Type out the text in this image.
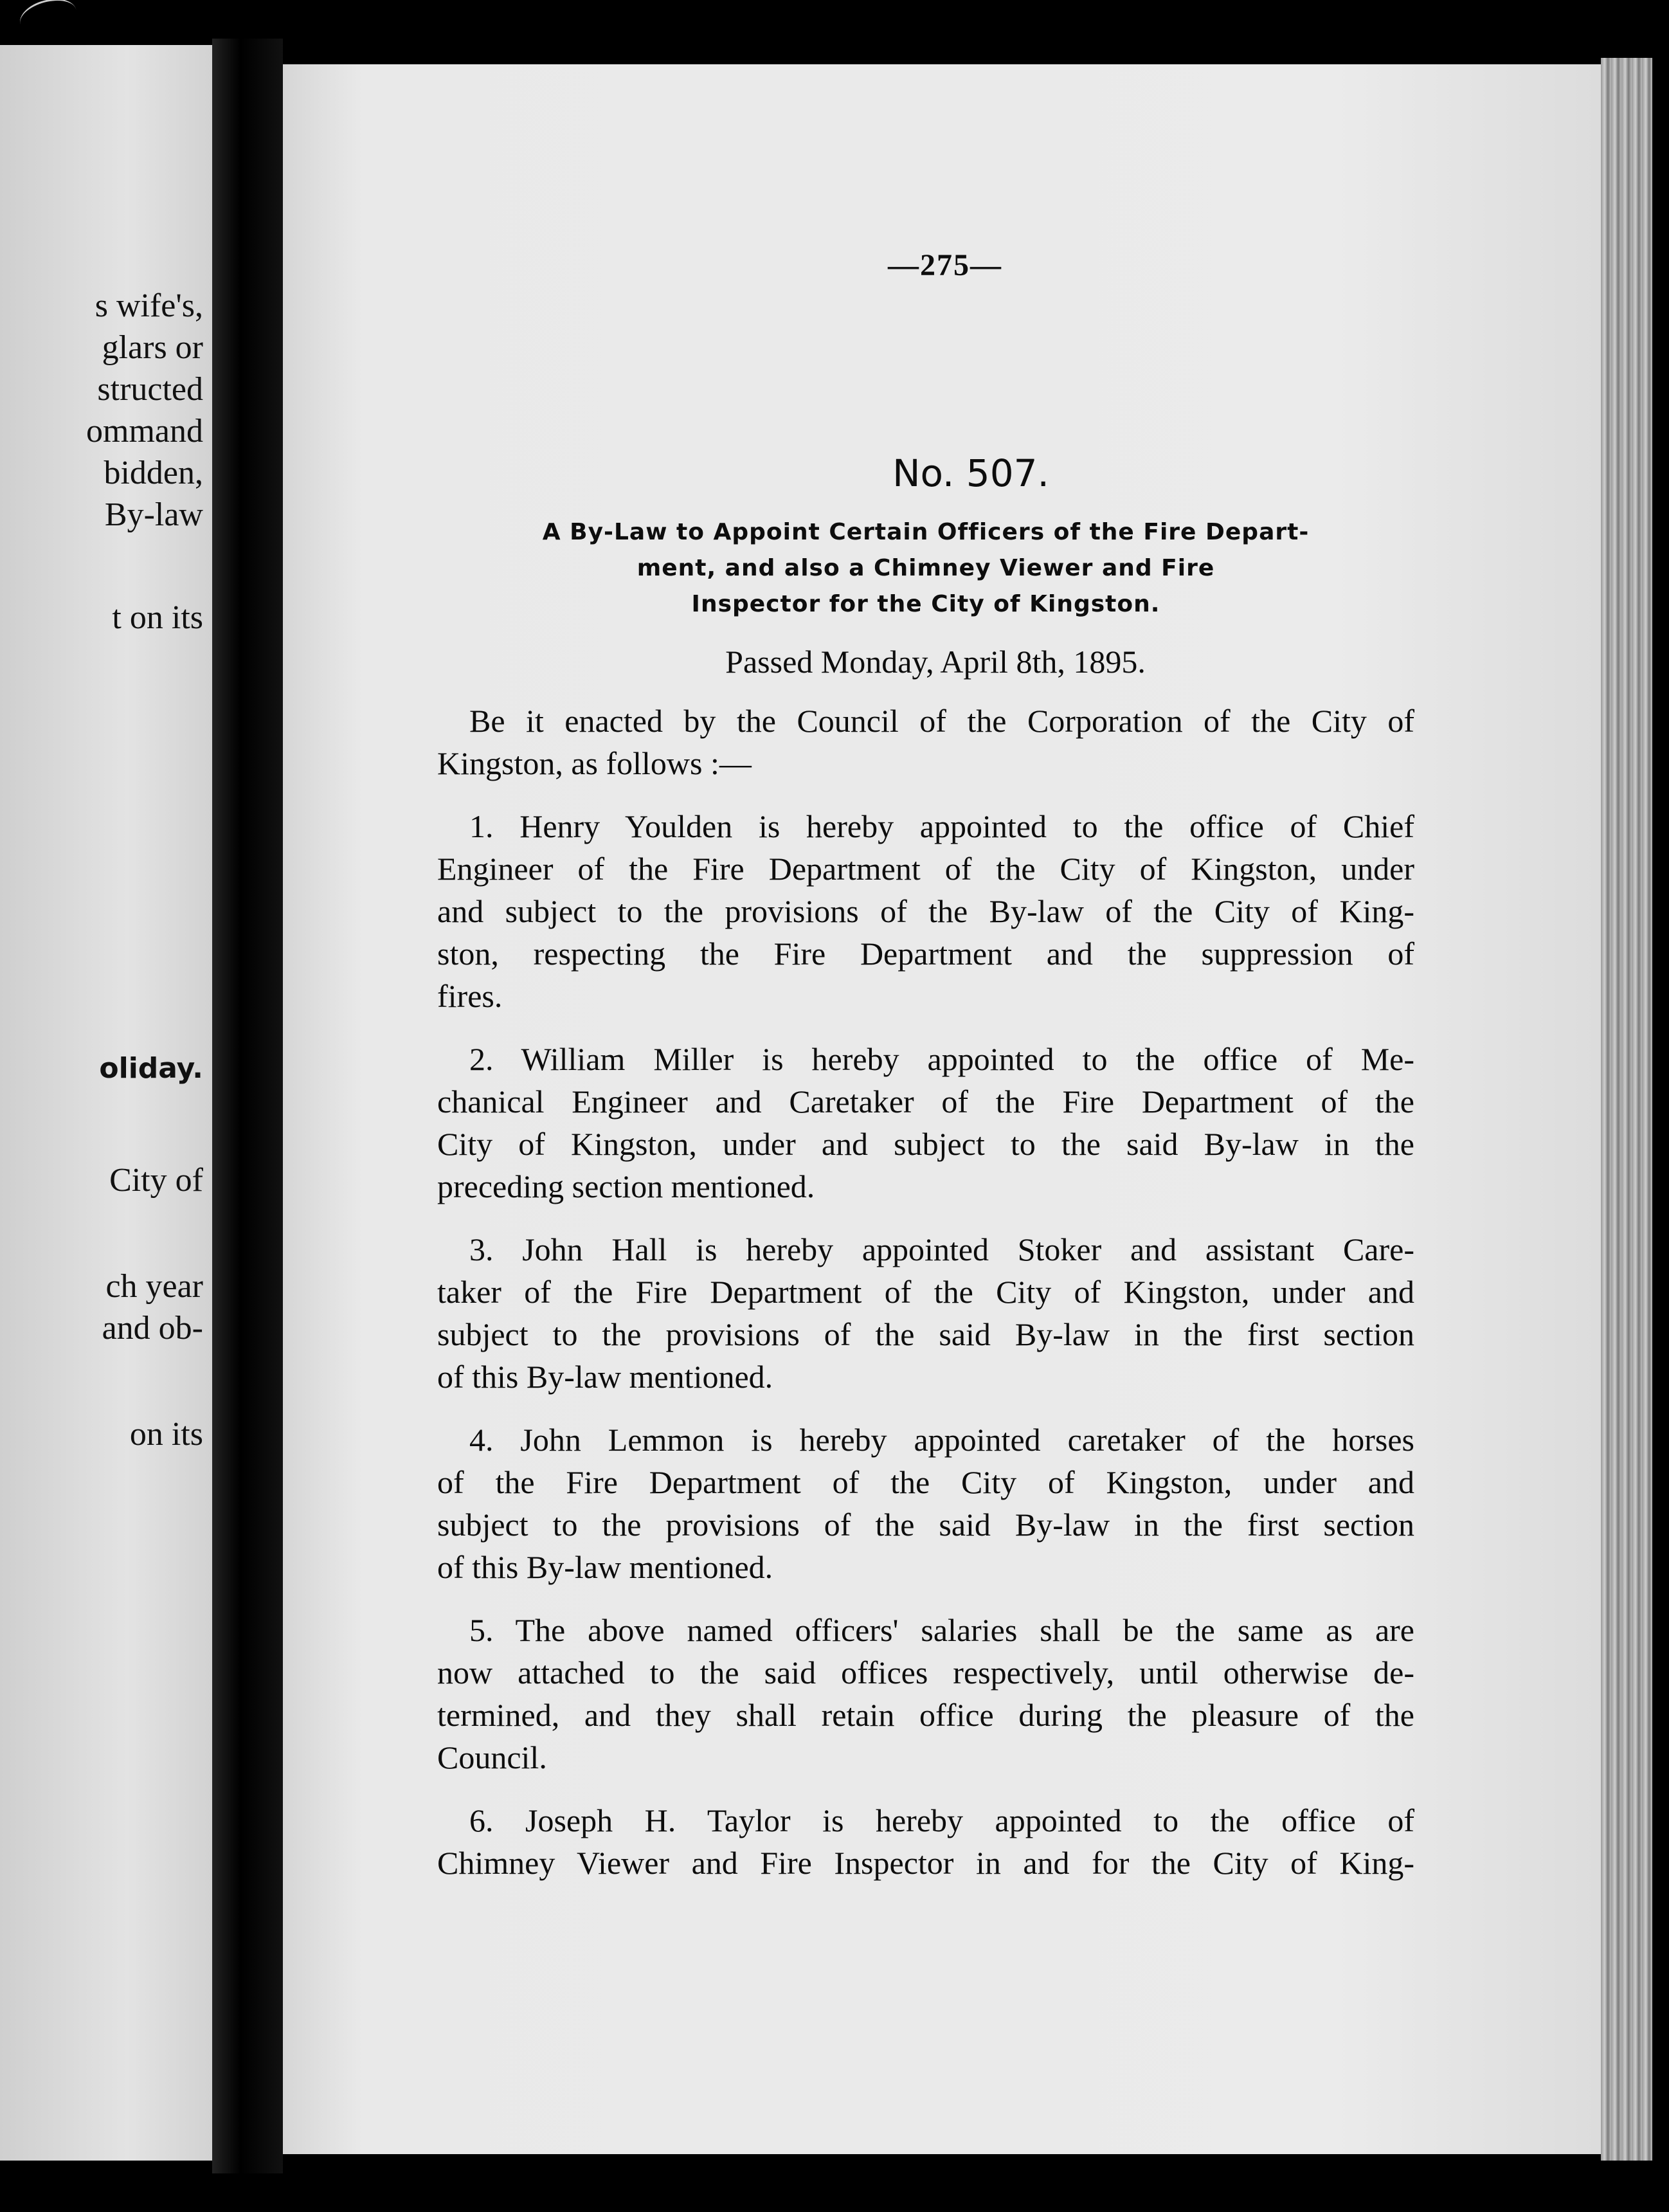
s wife's,
glars or
structed
ommand
bidden,
By-law
t on its
oliday.
City of
ch year
and ob-
on its
—275—
No. 507.
A By-Law to Appoint Certain Officers of the Fire Depart-
ment, and also a Chimney Viewer and Fire
Inspector for the City of Kingston.
Passed Monday, April 8th, 1895.
Be it enacted by the Council of the Corporation of the City of
Kingston, as follows :—
1. Henry Youlden is hereby appointed to the office of Chief
Engineer of the Fire Department of the City of Kingston, under
and subject to the provisions of the By-law of the City of King-
ston, respecting the Fire Department and the suppression of
fires.
2. William Miller is hereby appointed to the office of Me-
chanical Engineer and Caretaker of the Fire Department of the
City of Kingston, under and subject to the said By-law in the
preceding section mentioned.
3. John Hall is hereby appointed Stoker and assistant Care-
taker of the Fire Department of the City of Kingston, under and
subject to the provisions of the said By-law in the first section
of this By-law mentioned.
4. John Lemmon is hereby appointed caretaker of the horses
of the Fire Department of the City of Kingston, under and
subject to the provisions of the said By-law in the first section
of this By-law mentioned.
5. The above named officers' salaries shall be the same as are
now attached to the said offices respectively, until otherwise de-
termined, and they shall retain office during the pleasure of the
Council.
6. Joseph H. Taylor is hereby appointed to the office of
Chimney Viewer and Fire Inspector in and for the City of King-
